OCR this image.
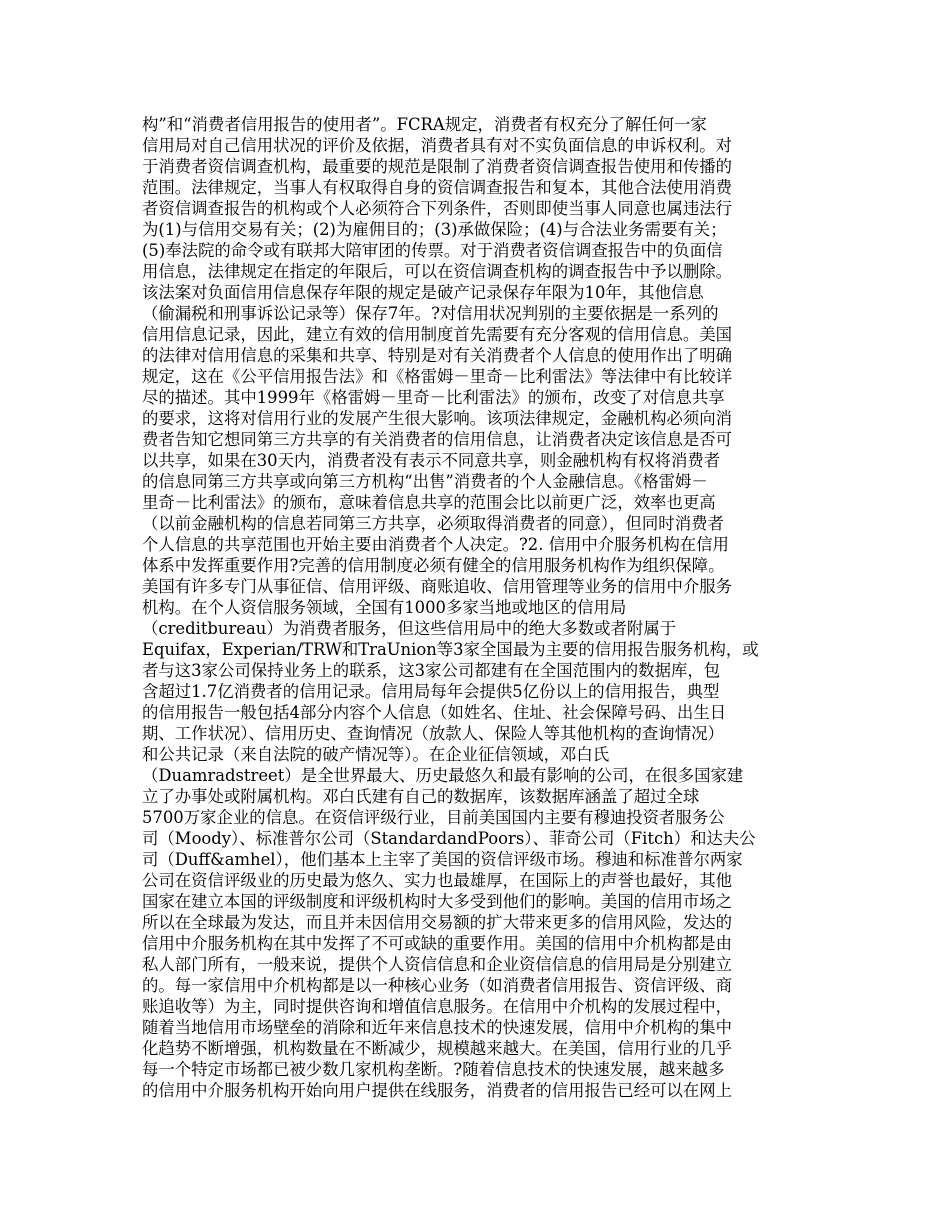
构”和“消费者信用报告的使用者”。FCRA规定，消费者有权充分了解任何一家
信用局对自己信用状况的评价及依据，消费者具有对不实负面信息的申诉权利。对
于消费者资信调查机构，最重要的规范是限制了消费者资信调查报告使用和传播的
范围。法律规定，当事人有权取得自身的资信调查报告和复本，其他合法使用消费
者资信调查报告的机构或个人必须符合下列条件，否则即使当事人同意也属违法行
为(1)与信用交易有关；(2)为雇佣目的；(3)承做保险；(4)与合法业务需要有关；
(5)奉法院的命令或有联邦大陪审团的传票。对于消费者资信调查报告中的负面信
用信息，法律规定在指定的年限后，可以在资信调查机构的调查报告中予以删除。
该法案对负面信用信息保存年限的规定是破产记录保存年限为10年，其他信息
（偷漏税和刑事诉讼记录等）保存7年。?对信用状况判别的主要依据是一系列的
信用信息记录，因此，建立有效的信用制度首先需要有充分客观的信用信息。美国
的法律对信用信息的采集和共享、特别是对有关消费者个人信息的使用作出了明确
规定，这在《公平信用报告法》和《格雷姆－里奇－比利雷法》等法律中有比较详
尽的描述。其中1999年《格雷姆－里奇－比利雷法》的颁布，改变了对信息共享
的要求，这将对信用行业的发展产生很大影响。该项法律规定，金融机构必须向消
费者告知它想同第三方共享的有关消费者的信用信息，让消费者决定该信息是否可
以共享，如果在30天内，消费者没有表示不同意共享，则金融机构有权将消费者
的信息同第三方共享或向第三方机构“出售”消费者的个人金融信息。《格雷姆－
里奇－比利雷法》的颁布，意味着信息共享的范围会比以前更广泛，效率也更高
（以前金融机构的信息若同第三方共享，必须取得消费者的同意），但同时消费者
个人信息的共享范围也开始主要由消费者个人决定。?2. 信用中介服务机构在信用
体系中发挥重要作用?完善的信用制度必须有健全的信用服务机构作为组织保障。
美国有许多专门从事征信、信用评级、商账追收、信用管理等业务的信用中介服务
机构。在个人资信服务领域，全国有1000多家当地或地区的信用局
（creditbureau）为消费者服务，但这些信用局中的绝大多数或者附属于
Equifax，Experian/TRW和TraUnion等3家全国最为主要的信用报告服务机构，或
者与这3家公司保持业务上的联系，这3家公司都建有在全国范围内的数据库，包
含超过1.7亿消费者的信用记录。信用局每年会提供5亿份以上的信用报告，典型
的信用报告一般包括4部分内容个人信息（如姓名、住址、社会保障号码、出生日
期、工作状况）、信用历史、查询情况（放款人、保险人等其他机构的查询情况）
和公共记录（来自法院的破产情况等）。在企业征信领域，邓白氏
（Duamradstreet）是全世界最大、历史最悠久和最有影响的公司，在很多国家建
立了办事处或附属机构。邓白氏建有自己的数据库，该数据库涵盖了超过全球
5700万家企业的信息。在资信评级行业，目前美国国内主要有穆迪投资者服务公
司（Moody）、标准普尔公司（StandardandPoors）、菲奇公司（Fitch）和达夫公
司（Duff&amhel），他们基本上主宰了美国的资信评级市场。穆迪和标准普尔两家
公司在资信评级业的历史最为悠久、实力也最雄厚，在国际上的声誉也最好，其他
国家在建立本国的评级制度和评级机构时大多受到他们的影响。美国的信用市场之
所以在全球最为发达，而且并未因信用交易额的扩大带来更多的信用风险，发达的
信用中介服务机构在其中发挥了不可或缺的重要作用。美国的信用中介机构都是由
私人部门所有，一般来说，提供个人资信信息和企业资信信息的信用局是分别建立
的。每一家信用中介机构都是以一种核心业务（如消费者信用报告、资信评级、商
账追收等）为主，同时提供咨询和增值信息服务。在信用中介机构的发展过程中，
随着当地信用市场壁垒的消除和近年来信息技术的快速发展，信用中介机构的集中
化趋势不断增强，机构数量在不断减少，规模越来越大。在美国，信用行业的几乎
每一个特定市场都已被少数几家机构垄断。?随着信息技术的快速发展，越来越多
的信用中介服务机构开始向用户提供在线服务，消费者的信用报告已经可以在网上
